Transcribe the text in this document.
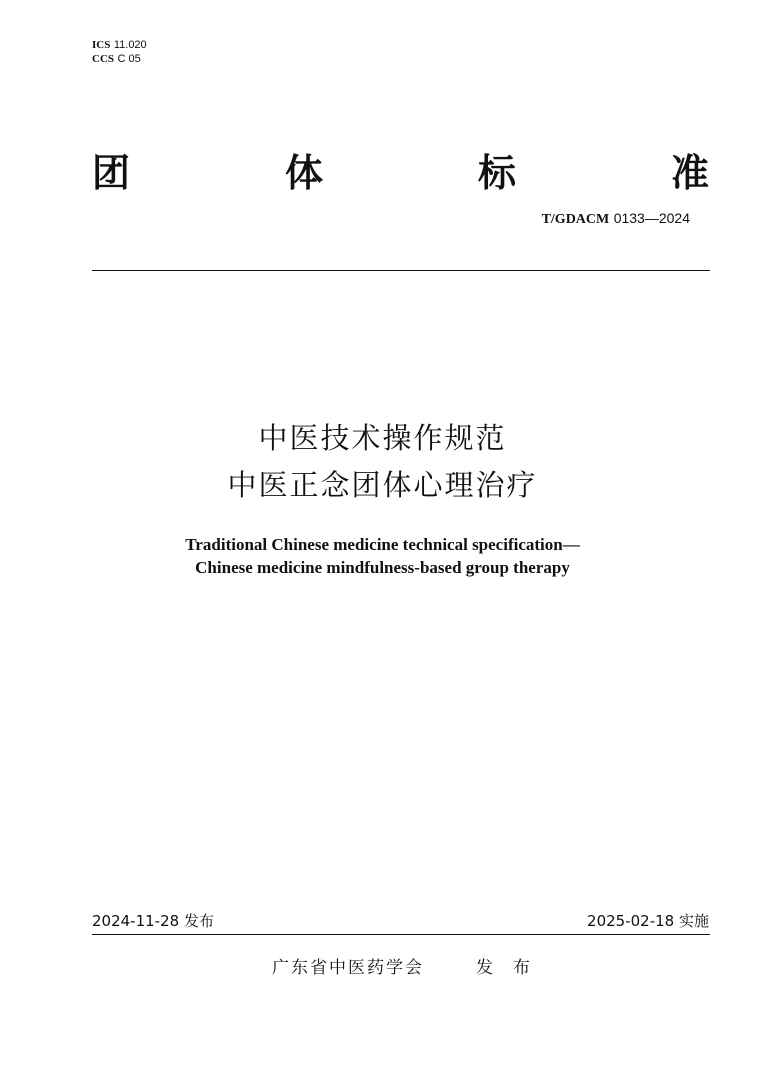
ICS 11.020
CCS C 05
团	体	标	准
T/GDACM 0133—2024
中医技术操作规范
中医正念团体心理治疗
Traditional Chinese medicine technical specification—
Chinese medicine mindfulness-based group therapy
2024-11-28 发布	2025-02-18 实施
广东省中医药学会	发 布
